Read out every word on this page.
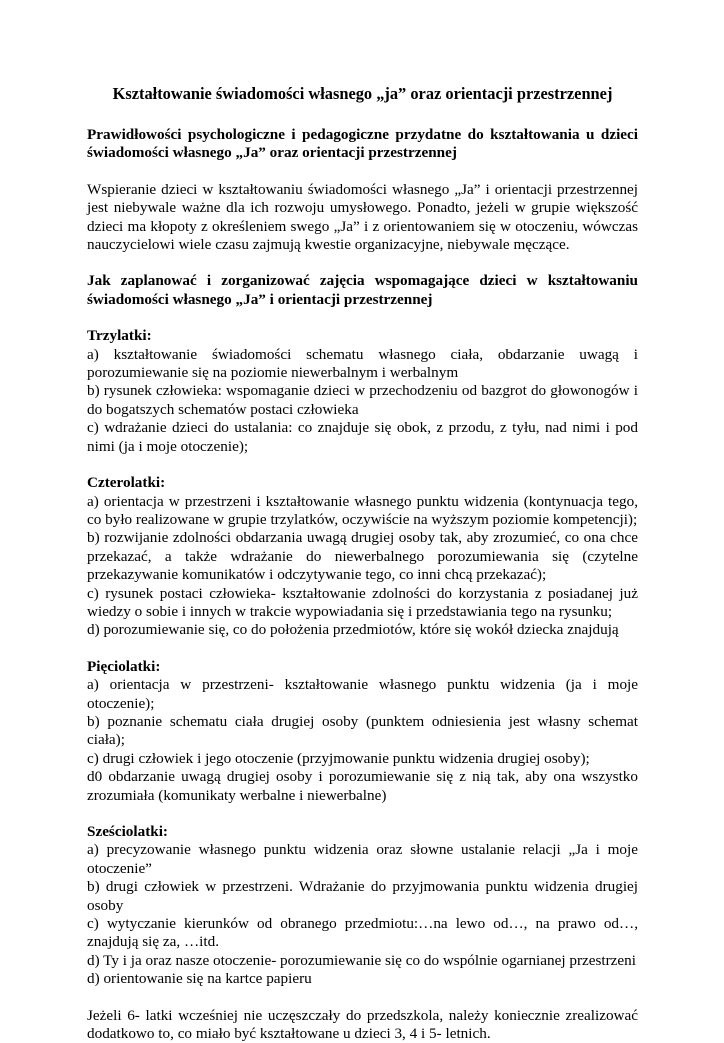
Kształtowanie świadomości własnego „ja” oraz orientacji przestrzennej
Prawidłowości psychologiczne i pedagogiczne przydatne do kształtowania u dzieci świadomości własnego „Ja” oraz orientacji przestrzennej
Wspieranie dzieci w kształtowaniu świadomości własnego „Ja” i orientacji przestrzennej jest niebywale ważne dla ich rozwoju umysłowego. Ponadto, jeżeli w grupie większość dzieci ma kłopoty z określeniem swego „Ja” i z orientowaniem się w otoczeniu, wówczas nauczycielowi wiele czasu zajmują kwestie organizacyjne, niebywale męczące.
Jak zaplanować i zorganizować zajęcia wspomagające dzieci w kształtowaniu świadomości własnego „Ja” i orientacji przestrzennej
Trzylatki:
a) kształtowanie świadomości schematu własnego ciała, obdarzanie uwagą i porozumiewanie się na poziomie niewerbalnym i werbalnym
b) rysunek człowieka: wspomaganie dzieci w przechodzeniu od bazgrot do głowonogów i do bogatszych schematów postaci człowieka
c) wdrażanie dzieci do ustalania: co znajduje się obok, z przodu, z tyłu, nad nimi i pod nimi (ja i moje otoczenie);
Czterolatki:
a) orientacja w przestrzeni i kształtowanie własnego punktu widzenia (kontynuacja tego, co było realizowane w grupie trzylatków, oczywiście na wyższym poziomie kompetencji);
b) rozwijanie zdolności obdarzania uwagą drugiej osoby tak, aby zrozumieć, co ona chce przekazać, a także wdrażanie do niewerbalnego porozumiewania się (czytelne przekazywanie komunikatów i odczytywanie tego, co inni chcą przekazać);
c) rysunek postaci człowieka- kształtowanie zdolności do korzystania z posiadanej już wiedzy o sobie i innych w trakcie wypowiadania się i przedstawiania tego na rysunku;
d) porozumiewanie się, co do położenia przedmiotów, które się wokół dziecka znajdują
Pięciolatki:
a) orientacja w przestrzeni- kształtowanie własnego punktu widzenia (ja i moje otoczenie);
b) poznanie schematu ciała drugiej osoby (punktem odniesienia jest własny schemat ciała);
c) drugi człowiek i jego otoczenie (przyjmowanie punktu widzenia drugiej osoby);
d0 obdarzanie uwagą drugiej osoby i porozumiewanie się z nią tak, aby ona wszystko zrozumiała (komunikaty werbalne i niewerbalne)
Sześciolatki:
a) precyzowanie własnego punktu widzenia oraz słowne ustalanie relacji „Ja i moje otoczenie”
b) drugi człowiek w przestrzeni. Wdrażanie do przyjmowania punktu widzenia drugiej osoby
c) wytyczanie kierunków od obranego przedmiotu:…na lewo od…, na prawo od…, znajdują się za, …itd.
d) Ty i ja oraz nasze otoczenie- porozumiewanie się co do wspólnie ogarnianej przestrzeni
d) orientowanie się na kartce papieru
Jeżeli 6- latki wcześniej nie uczęszczały do przedszkola, należy koniecznie zrealizować dodatkowo to, co miało być kształtowane u dzieci 3, 4 i 5- letnich.
